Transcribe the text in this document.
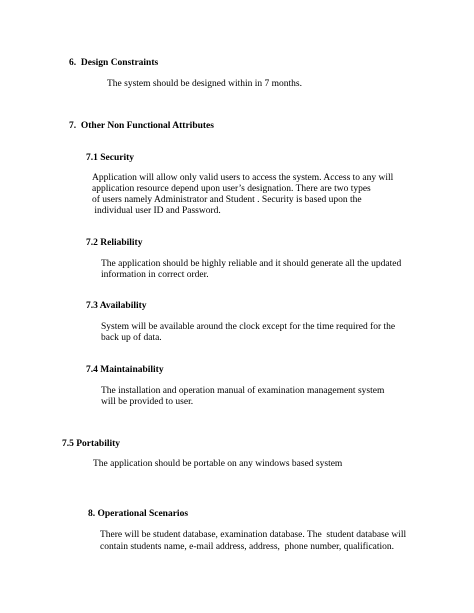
6.  Design Constraints

The system should be designed within in 7 months.

7.  Other Non Functional Attributes

7.1 Security

Application will allow only valid users to access the system. Access to any will

application resource depend upon user’s designation. There are two types

of users namely Administrator and Student . Security is based upon the

individual user ID and Password.

7.2 Reliability

The application should be highly reliable and it should generate all the updated

information in correct order.

7.3 Availability

System will be available around the clock except for the time required for the

back up of data.

7.4 Maintainability

The installation and operation manual of examination management system

will be provided to user.

7.5 Portability

The application should be portable on any windows based system

8. Operational Scenarios

There will be student database, examination database. The  student database will

contain students name, e-mail address, address,  phone number, qualification.
